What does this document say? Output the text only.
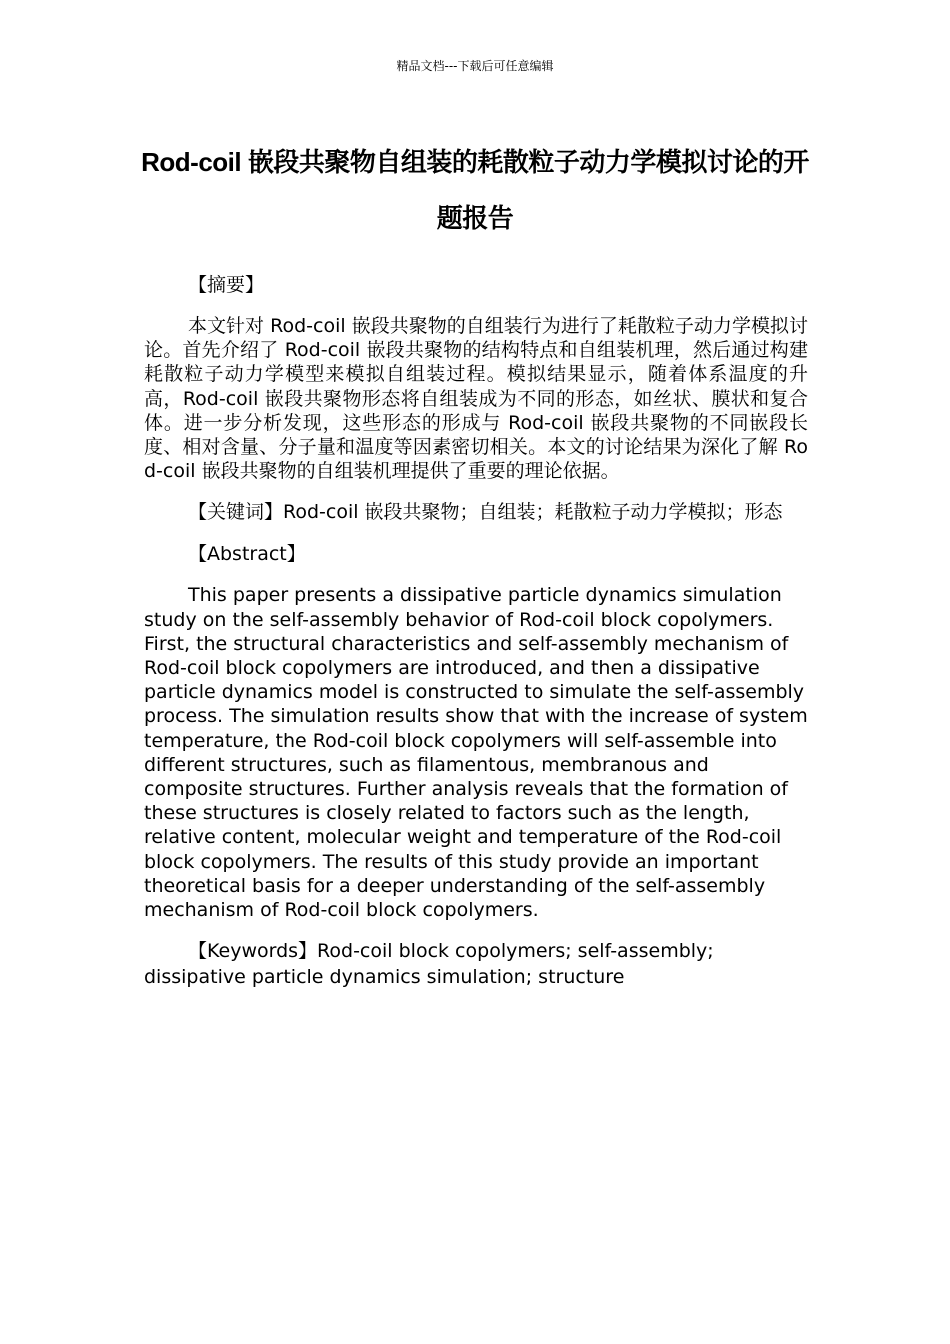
精品文档---下载后可任意编辑
Rod-coil 嵌段共聚物自组装的耗散粒子动力学模拟讨论的开题报告
【摘要】
本文针对 Rod-coil 嵌段共聚物的自组装行为进行了耗散粒子动力学模拟讨论。首先介绍了 Rod-coil 嵌段共聚物的结构特点和自组装机理，然后通过构建耗散粒子动力学模型来模拟自组装过程。模拟结果显示，随着体系温度的升高，Rod-coil 嵌段共聚物形态将自组装成为不同的形态，如丝状、膜状和复合体。进一步分析发现，这些形态的形成与 Rod-coil 嵌段共聚物的不同嵌段长度、相对含量、分子量和温度等因素密切相关。本文的讨论结果为深化了解 Rod-coil 嵌段共聚物的自组装机理提供了重要的理论依据。
【关键词】Rod-coil 嵌段共聚物；自组装；耗散粒子动力学模拟；形态
【Abstract】
This paper presents a dissipative particle dynamics simulation study on the self-assembly behavior of Rod-coil block copolymers. First, the structural characteristics and self-assembly mechanism of Rod-coil block copolymers are introduced, and then a dissipative particle dynamics model is constructed to simulate the self-assembly process. The simulation results show that with the increase of system temperature, the Rod-coil block copolymers will self-assemble into different structures, such as filamentous, membranous and composite structures. Further analysis reveals that the formation of these structures is closely related to factors such as the length, relative content, molecular weight and temperature of the Rod-coil block copolymers. The results of this study provide an important theoretical basis for a deeper understanding of the self-assembly mechanism of Rod-coil block copolymers.
【Keywords】Rod-coil block copolymers; self-assembly; dissipative particle dynamics simulation; structure
